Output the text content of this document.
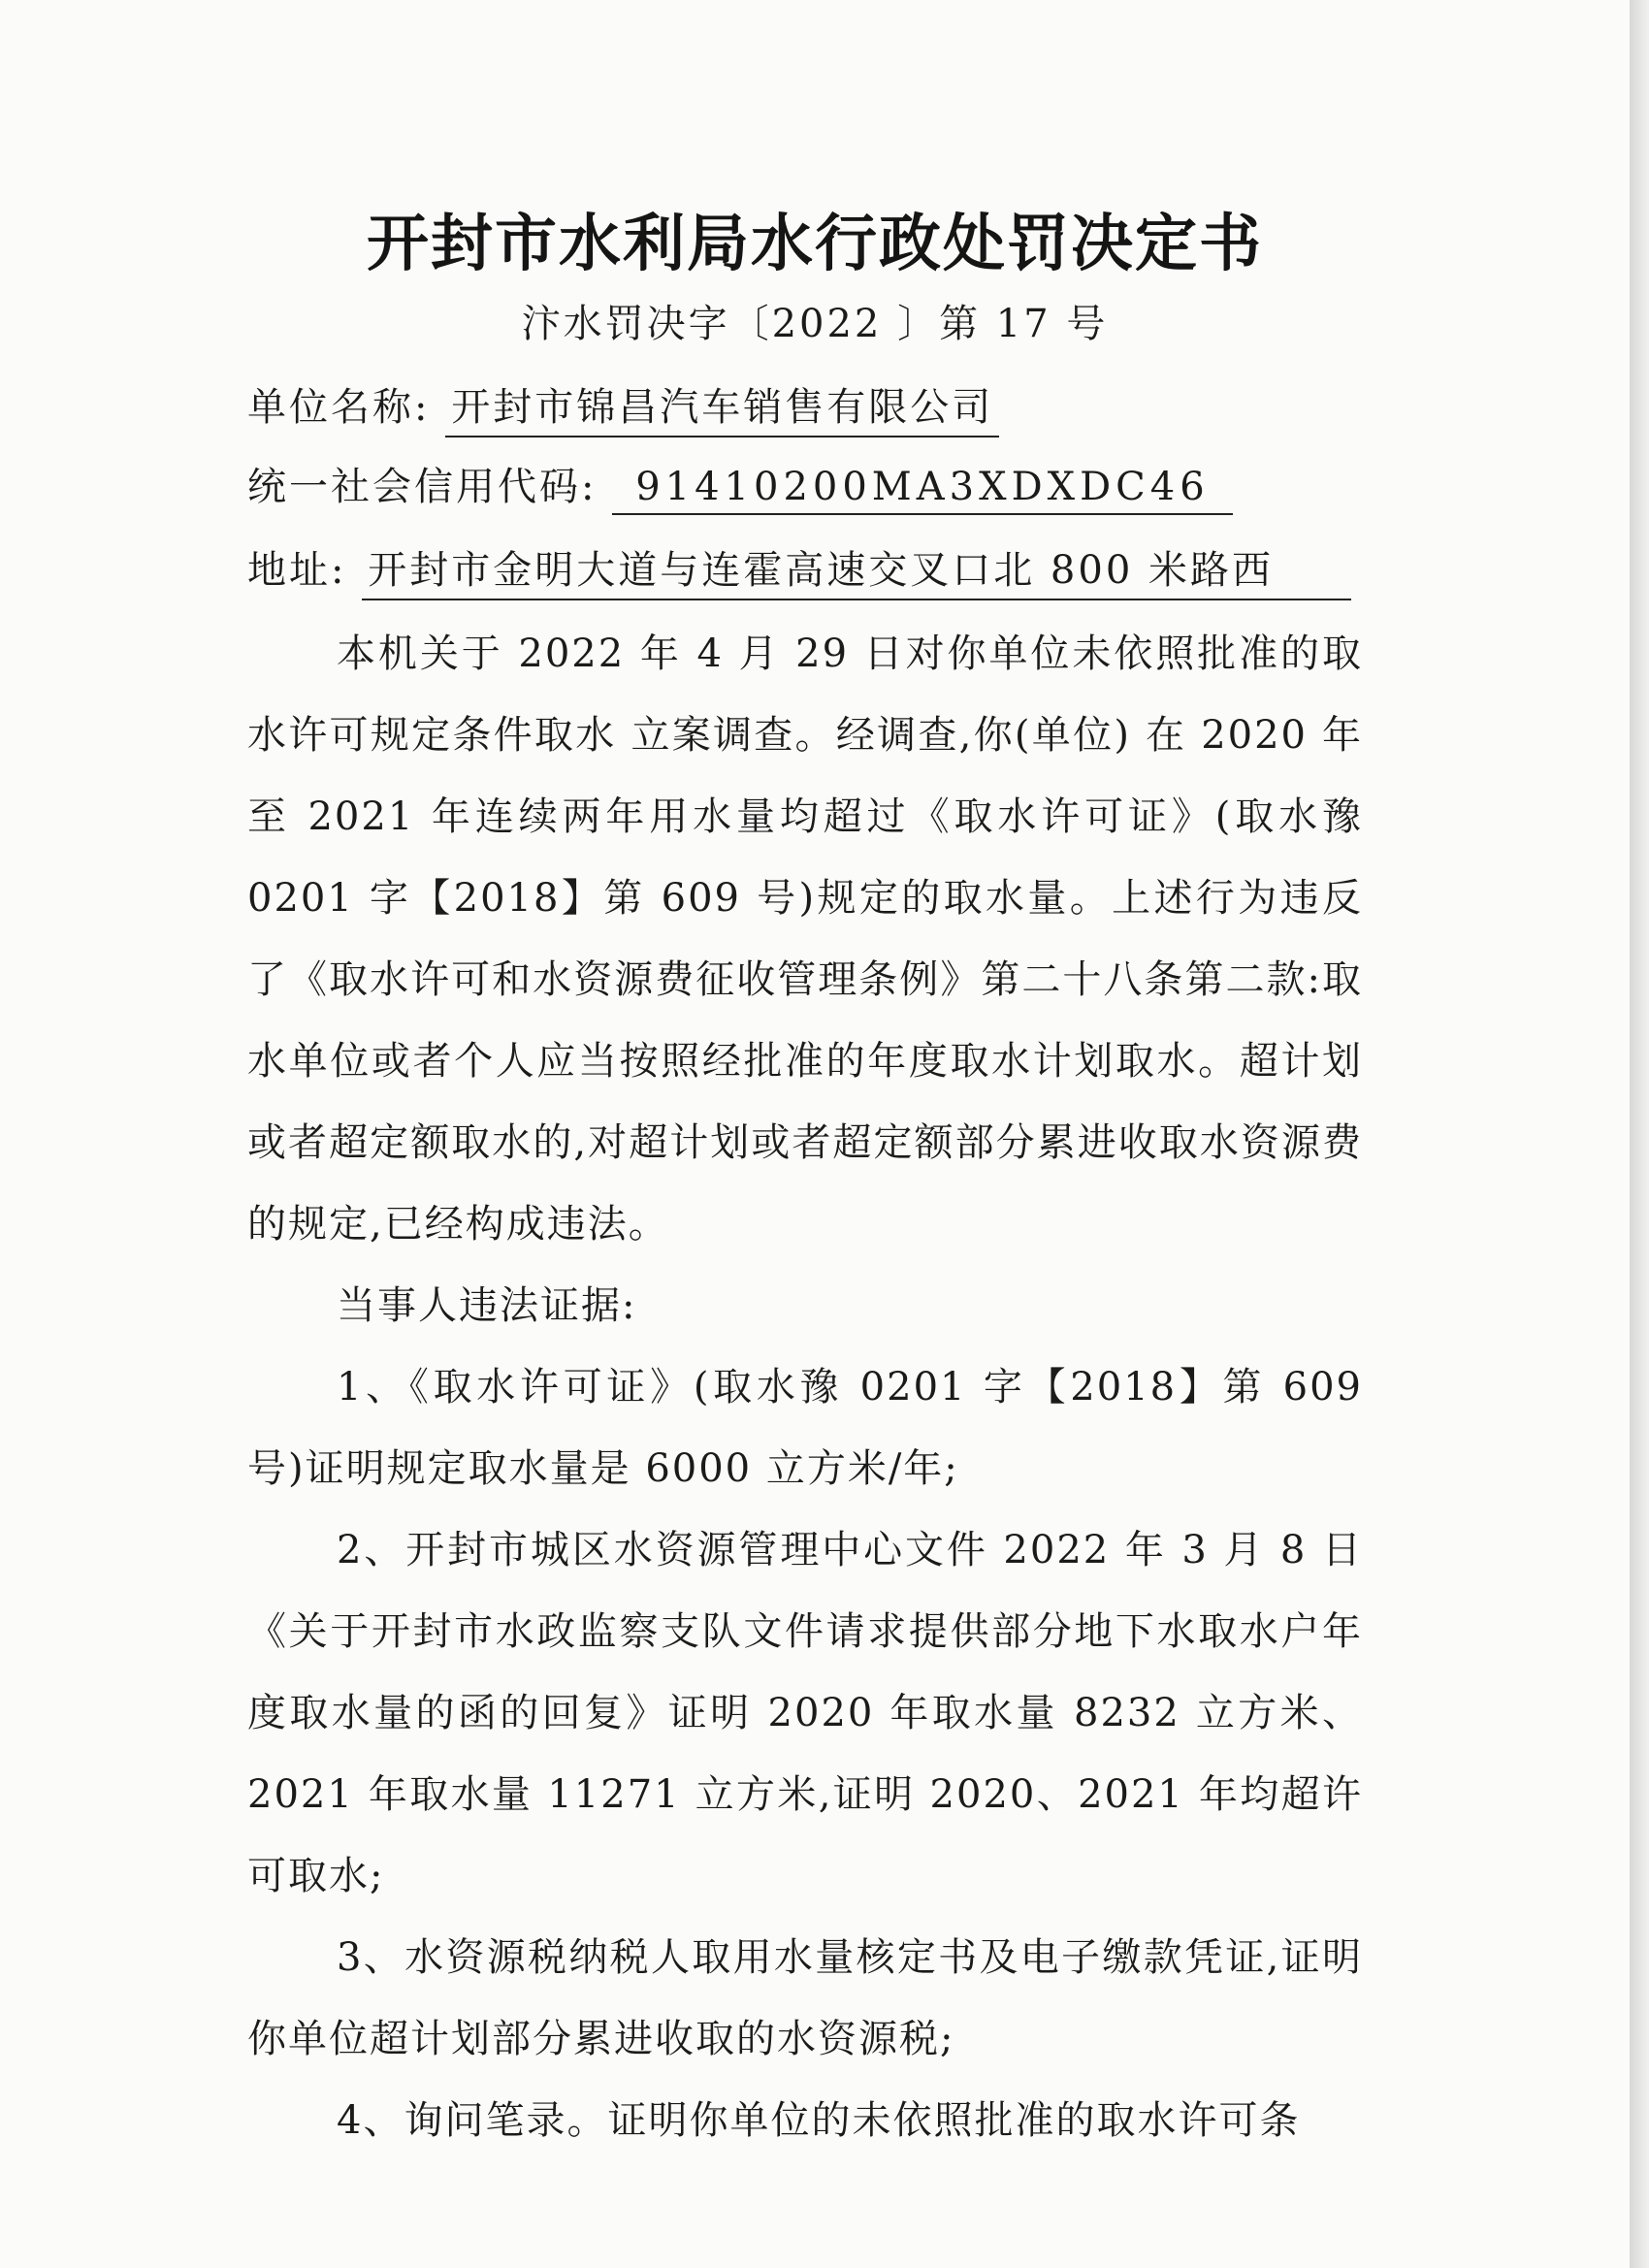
开封市水利局水行政处罚决定书
汴水罚决字〔2022 〕第 17 号
单位名称: 开封市锦昌汽车销售有限公司
统一社会信用代码: 91410200MA3XDXDC46
地址: 开封市金明大道与连霍高速交叉口北 800 米路西

本机关于 2022 年 4 月 29 日对你单位未依照批准的取水许可规定条件取水 立案调查。经调查,你(单位) 在 2020 年至 2021 年连续两年用水量均超过《取水许可证》(取水豫 0201 字【2018】第 609 号)规定的取水量。上述行为违反了《取水许可和水资源费征收管理条例》第二十八条第二款:取水单位或者个人应当按照经批准的年度取水计划取水。超计划或者超定额取水的,对超计划或者超定额部分累进收取水资源费 的规定,已经构成违法。

当事人违法证据:

1、《取水许可证》(取水豫 0201 字【2018】第 609 号)证明规定取水量是 6000 立方米/年;

2、开封市城区水资源管理中心文件 2022 年 3 月 8 日《关于开封市水政监察支队文件请求提供部分地下水取水户年度取水量的函的回复》证明 2020 年取水量 8232 立方米、2021 年取水量 11271 立方米,证明 2020、2021 年均超许可取水;

3、水资源税纳税人取用水量核定书及电子缴款凭证,证明你单位超计划部分累进收取的水资源税;

4、询问笔录。证明你单位的未依照批准的取水许可条
